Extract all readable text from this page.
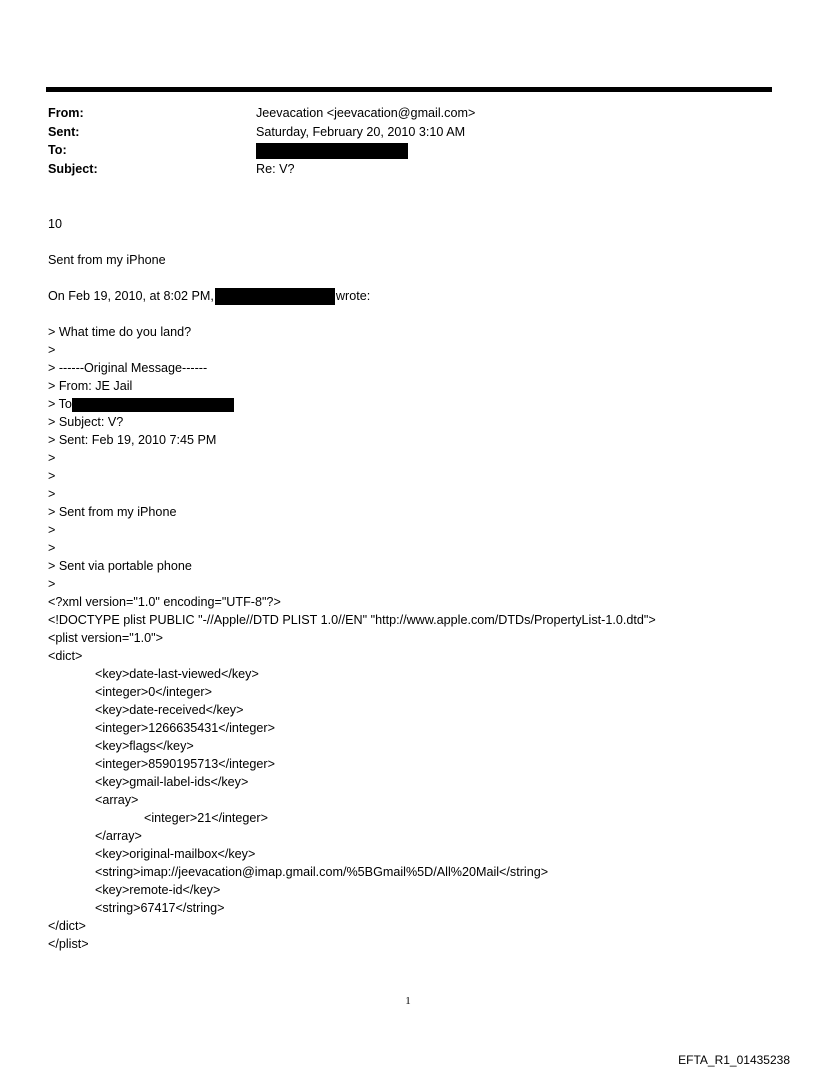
From:	Jeevacation <jeevacation@gmail.com>
Sent:	Saturday, February 20, 2010 3:10 AM
To:
Subject:	Re: V?
10
Sent from my iPhone
On Feb 19, 2010, at 8:02 PM,	wrote:
> What time do you land?
>
> ------Original Message------
> From: JE Jail
> To
> Subject: V?
> Sent: Feb 19, 2010 7:45 PM
>
>
>
> Sent from my iPhone
>
>
> Sent via portable phone
>
<?xml version="1.0" encoding="UTF-8"?>
<!DOCTYPE plist PUBLIC "-//Apple//DTD PLIST 1.0//EN" "http://www.apple.com/DTDs/PropertyList-1.0.dtd">
<plist version="1.0">
<dict>
<key>date-last-viewed</key>
<integer>0</integer>
<key>date-received</key>
<integer>1266635431</integer>
<key>flags</key>
<integer>8590195713</integer>
<key>gmail-label-ids</key>
<array>
<integer>21</integer>
</array>
<key>original-mailbox</key>
<string>imap://jeevacation@imap.gmail.com/%5BGmail%5D/All%20Mail</string>
<key>remote-id</key>
<string>67417</string>
</dict>
</plist>
1
EFTA_R1_01435238
